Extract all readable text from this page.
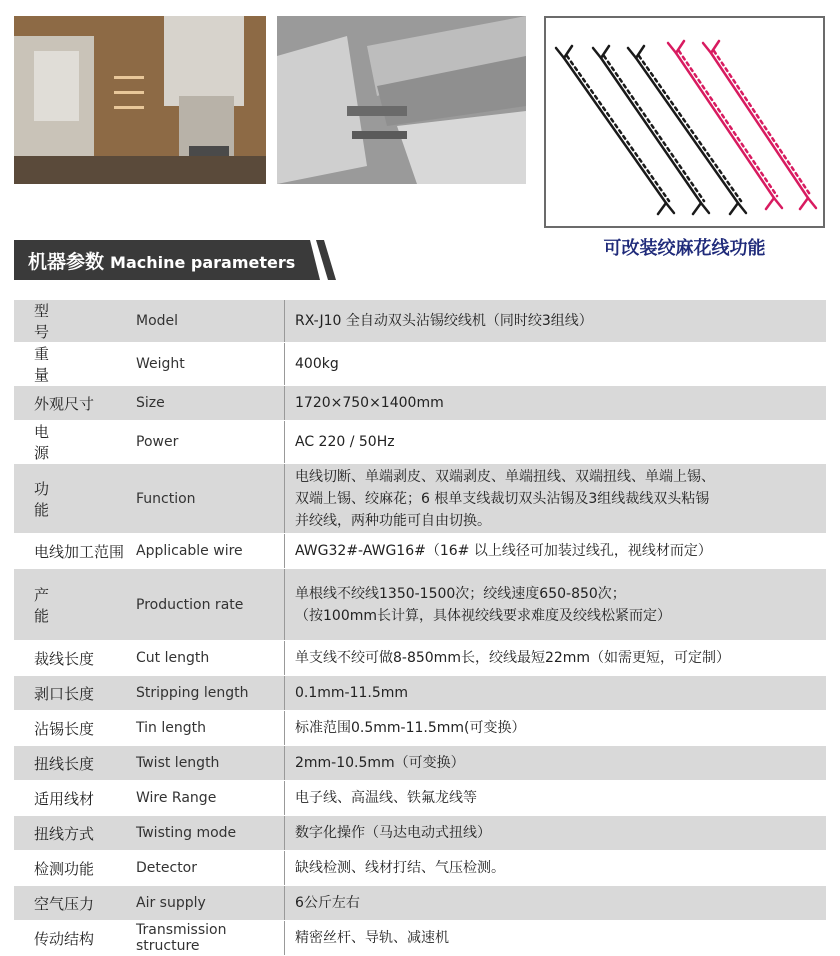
可改装绞麻花线功能
机器参数 Machine parameters
型 号	Model	RX-J10 全自动双头沾锡绞线机（同时绞3组线）

重 量	Weight	400kg

外观尺寸	Size	1720×750×1400mm

电 源	Power	AC 220 / 50Hz

功 能	Function	电线切断、单端剥皮、双端剥皮、单端扭线、双端扭线、单端上锡、
双端上锡、绞麻花；6 根单支线裁切双头沾锡及3组线裁线双头粘锡
并绞线，两种功能可自由切换。

电线加工范围	Applicable wire	AWG32#-AWG16#（16# 以上线径可加装过线孔，视线材而定）

产 能	Production rate	单根线不绞线1350-1500次；绞线速度650-850次；
（按100mm长计算，具体视绞线要求难度及绞线松紧而定）

裁线长度	Cut length	单支线不绞可做8-850mm长，绞线最短22mm（如需更短，可定制）

剥口长度	Stripping length	0.1mm-11.5mm

沾锡长度	Tin length	标准范围0.5mm-11.5mm(可变换）

扭线长度	Twist length	2mm-10.5mm（可变换）

适用线材	Wire Range	电子线、高温线、铁氟龙线等

扭线方式	Twisting mode	数字化操作（马达电动式扭线）

检测功能	Detector	缺线检测、线材打结、气压检测。

空气压力	Air supply	6公斤左右

传动结构	Transmission structure	精密丝杆、导轨、减速机
